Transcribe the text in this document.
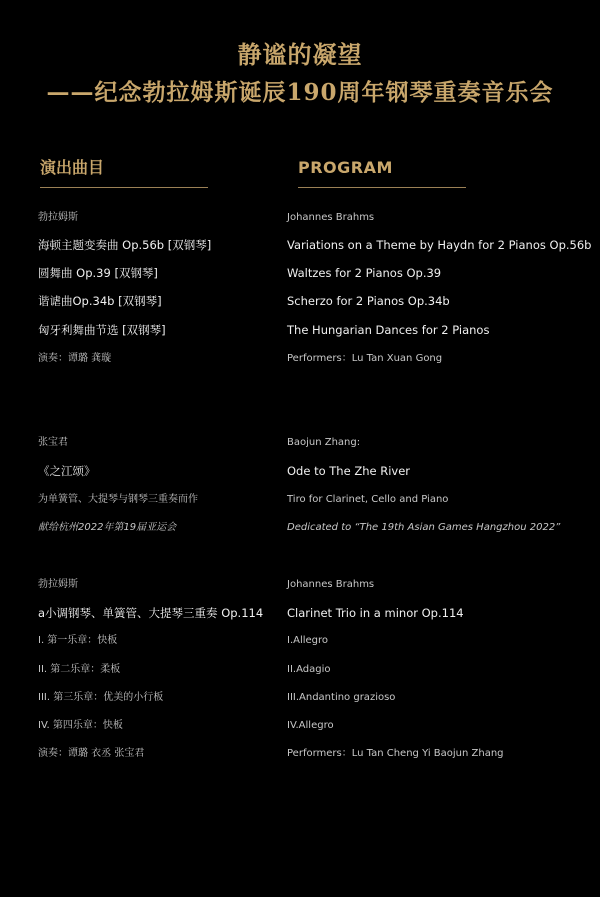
静谧的凝望
——纪念勃拉姆斯诞辰190周年钢琴重奏音乐会
演出曲目	PROGRAM
勃拉姆斯	Johannes Brahms
海顿主题变奏曲 Op.56b [双钢琴]	Variations on a Theme by Haydn for 2 Pianos Op.56b
圆舞曲 Op.39 [双钢琴]	Waltzes for 2 Pianos Op.39
谐谑曲Op.34b [双钢琴]	Scherzo for 2 Pianos Op.34b
匈牙利舞曲节选 [双钢琴]	The Hungarian Dances for 2 Pianos
演奏：谭璐 龚璇	Performers：Lu Tan Xuan Gong
张宝君	Baojun Zhang:
《之江颂》	Ode to The Zhe River
为单簧管、大提琴与钢琴三重奏而作	Tiro for Clarinet, Cello and Piano
献给杭州2022年第19届亚运会	Dedicated to “The 19th Asian Games Hangzhou 2022”
勃拉姆斯	Johannes Brahms
a小调钢琴、单簧管、大提琴三重奏 Op.114 Clarinet Trio in a minor Op.114
I. 第一乐章：快板	I.Allegro
II. 第二乐章：柔板	II.Adagio
III. 第三乐章：优美的小行板	III.Andantino grazioso
IV. 第四乐章：快板	IV.Allegro
演奏：谭璐 衣丞 张宝君	Performers：Lu Tan Cheng Yi Baojun Zhang
